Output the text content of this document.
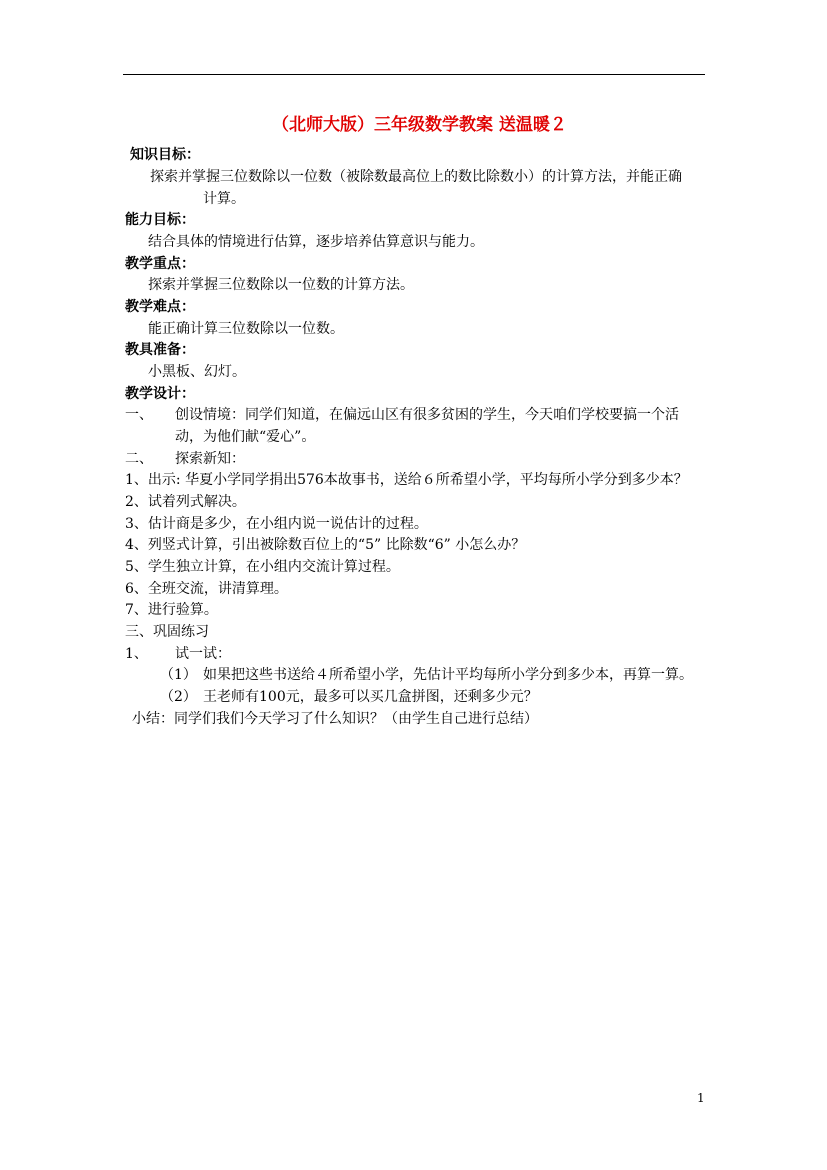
（北师大版）三年级数学教案 送温暖２
知识目标：
探索并掌握三位数除以一位数（被除数最高位上的数比除数小）的计算方法，并能正确
计算。
能力目标：
结合具体的情境进行估算，逐步培养估算意识与能力。
教学重点：
探索并掌握三位数除以一位数的计算方法。
教学难点：
能正确计算三位数除以一位数。
教具准备：
小黑板、幻灯。
教学设计：
一、 创设情境：同学们知道，在偏远山区有很多贫困的学生，今天咱们学校要搞一个活
动，为他们献“爱心”。
二、 探索新知：
1、出示: 华夏小学同学捐出576本故事书，送给６所希望小学，平均每所小学分到多少本？
2、试着列式解决。
3、估计商是多少，在小组内说一说估计的过程。
4、列竖式计算，引出被除数百位上的“5” 比除数“6” 小怎么办？
5、学生独立计算，在小组内交流计算过程。
6、全班交流，讲清算理。
7、进行验算。
三、巩固练习
1、 试一试：
（1） 如果把这些书送给４所希望小学，先估计平均每所小学分到多少本，再算一算。
（2） 王老师有100元，最多可以买几盒拼图，还剩多少元？
小结：同学们我们今天学习了什么知识？（由学生自己进行总结）
1
